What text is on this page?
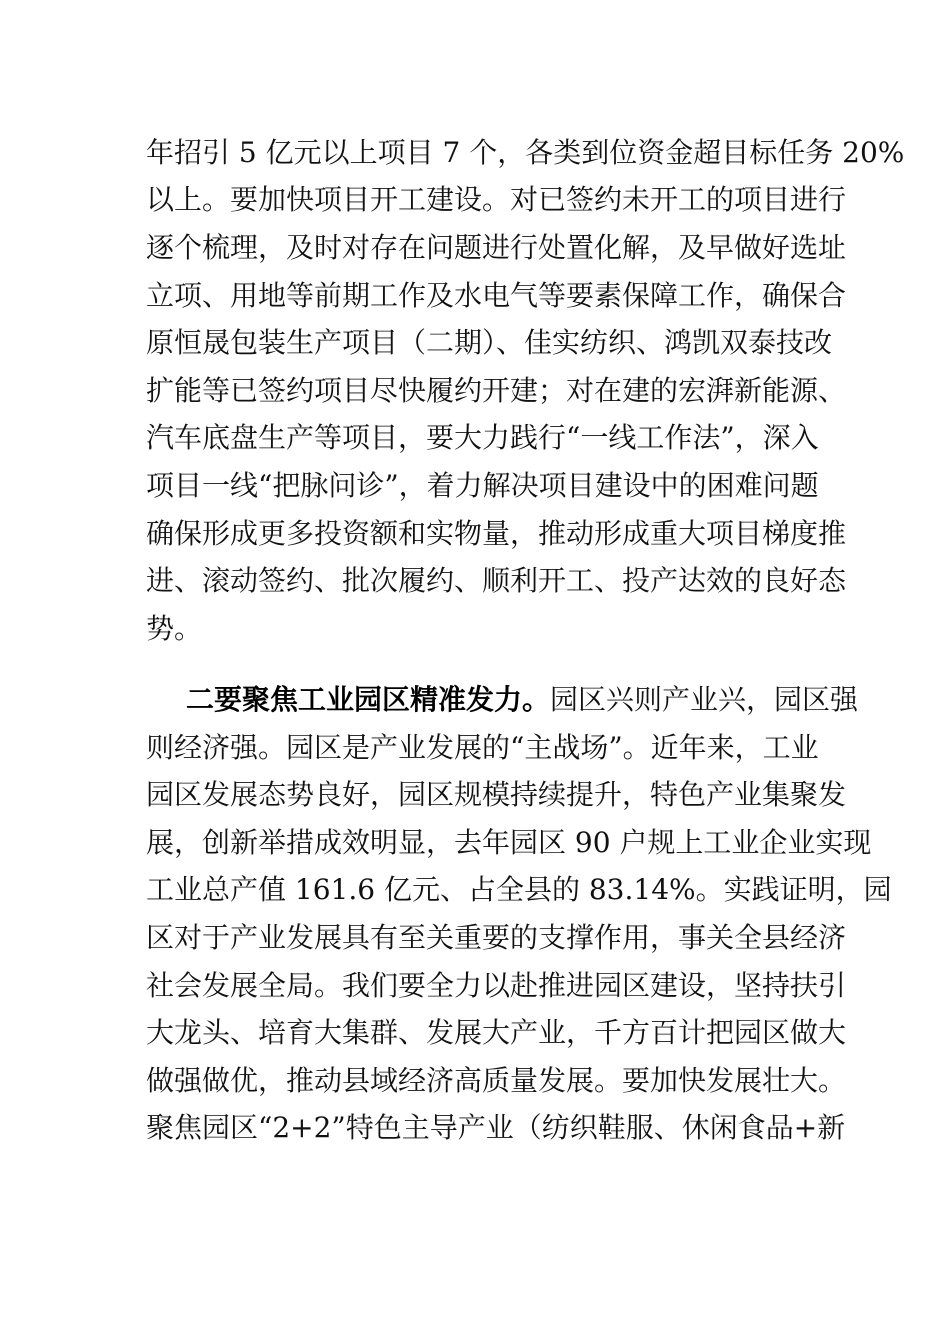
年招引 5 亿元以上项目 7 个，各类到位资金超目标任务 20%
以上。要加快项目开工建设。对已签约未开工的项目进行
逐个梳理，及时对存在问题进行处置化解，及早做好选址
立项、用地等前期工作及水电气等要素保障工作，确保合
原恒晟包装生产项目（二期）、佳实纺织、鸿凯双泰技改
扩能等已签约项目尽快履约开建；对在建的宏湃新能源、
汽车底盘生产等项目，要大力践行“一线工作法”，深入
项目一线“把脉问诊”，着力解决项目建设中的困难问题
确保形成更多投资额和实物量，推动形成重大项目梯度推
进、滚动签约、批次履约、顺利开工、投产达效的良好态
势。
二要聚焦工业园区精准发力。园区兴则产业兴，园区强
则经济强。园区是产业发展的“主战场”。近年来，工业
园区发展态势良好，园区规模持续提升，特色产业集聚发
展，创新举措成效明显，去年园区 90 户规上工业企业实现
工业总产值 161.6 亿元、占全县的 83.14%。实践证明，园
区对于产业发展具有至关重要的支撑作用，事关全县经济
社会发展全局。我们要全力以赴推进园区建设，坚持扶引
大龙头、培育大集群、发展大产业，千方百计把园区做大
做强做优，推动县域经济高质量发展。要加快发展壮大。
聚焦园区“2+2”特色主导产业（纺织鞋服、休闲食品+新
